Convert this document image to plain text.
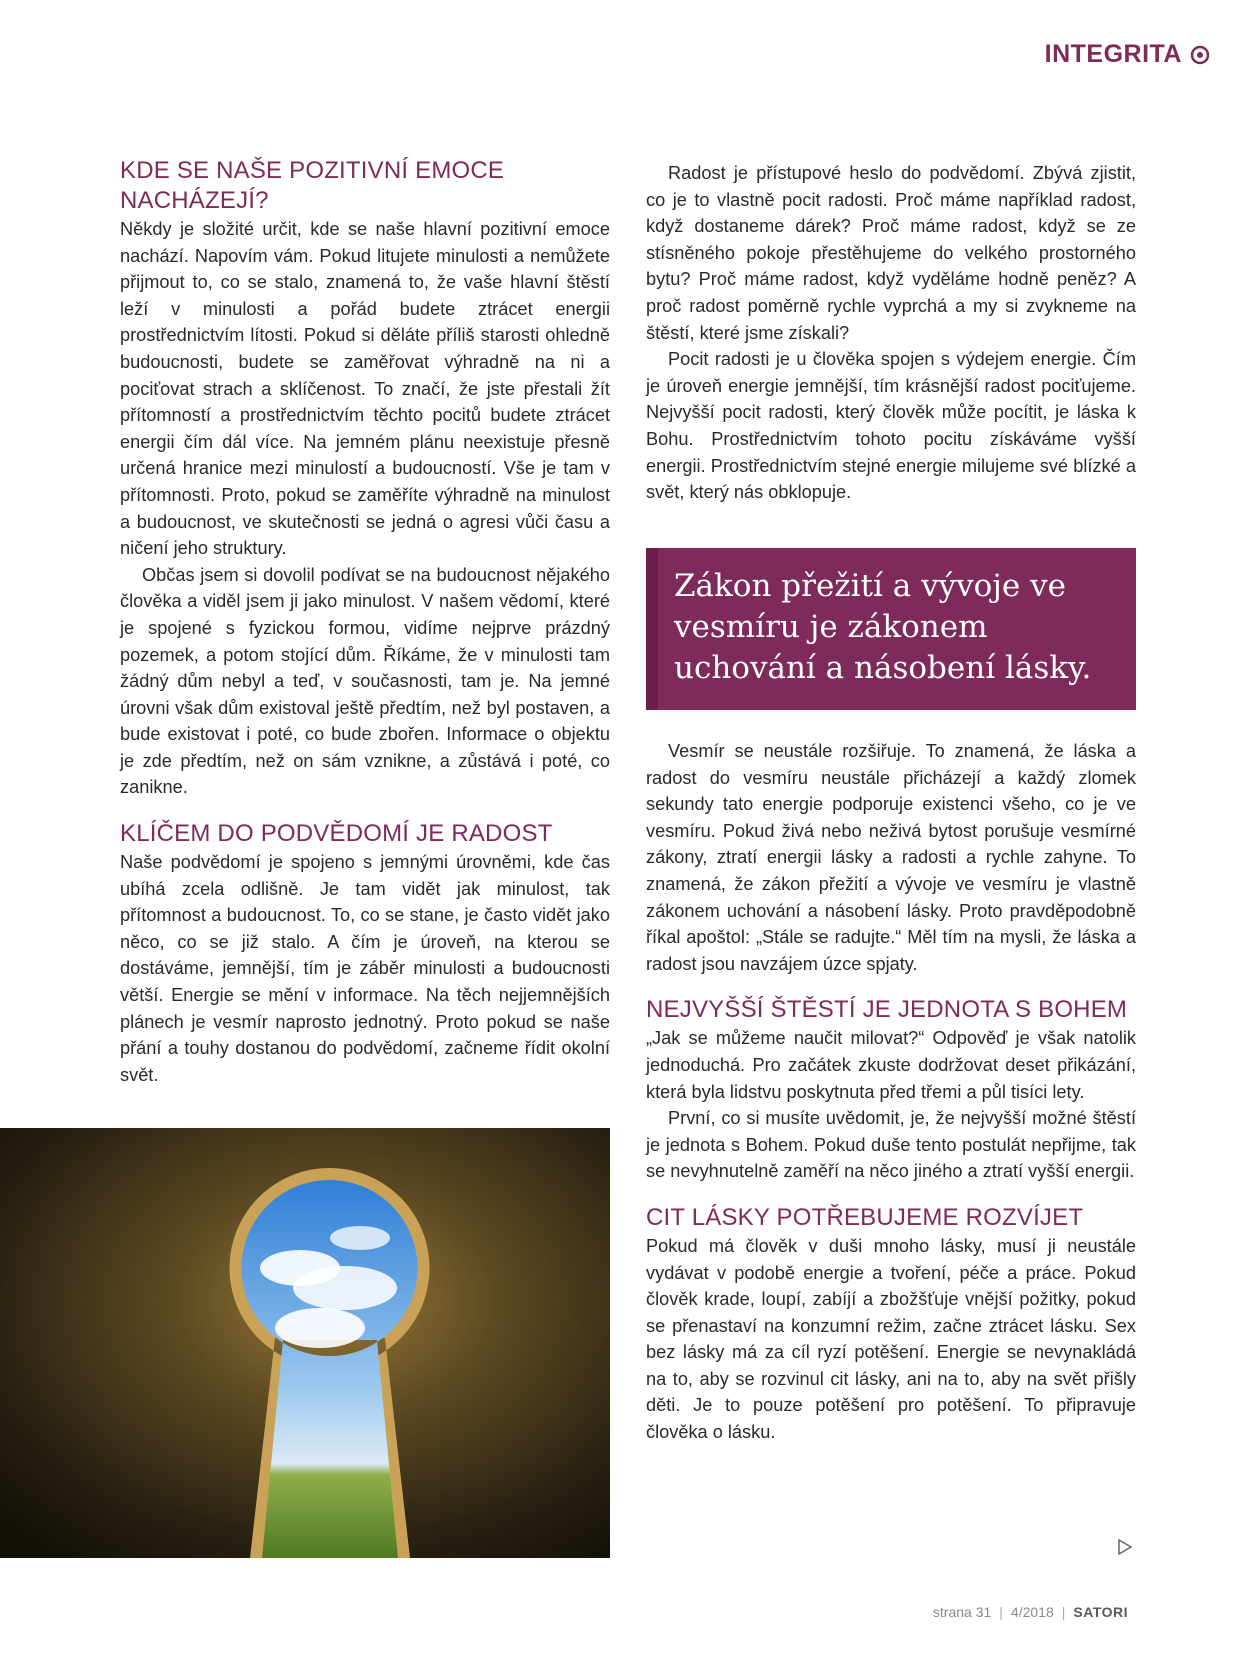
INTEGRITA
KDE SE NAŠE POZITIVNÍ EMOCE NACHÁZEJÍ?

Někdy je složité určit, kde se naše hlavní pozitivní emoce nachází. Napovím vám. Pokud litujete minulosti a nemůžete přijmout to, co se stalo, znamená to, že vaše hlavní štěstí leží v minulosti a pořád budete ztrácet energii prostřednictvím lítosti. Pokud si děláte příliš starosti ohledně budoucnosti, budete se zaměřovat výhradně na ni a pociťovat strach a sklíčenost. To značí, že jste přestali žít přítomností a prostřednictvím těchto pocitů budete ztrácet energii čím dál více. Na jemném plánu neexistuje přesně určená hranice mezi minulostí a budoucností. Vše je tam v přítomnosti. Proto, pokud se zaměříte výhradně na minulost a budoucnost, ve skutečnosti se jedná o agresi vůči času a ničení jeho struktury.

Občas jsem si dovolil podívat se na budoucnost nějakého člověka a viděl jsem ji jako minulost. V našem vědomí, které je spojené s fyzickou formou, vidíme nejprve prázdný pozemek, a potom stojící dům. Říkáme, že v minulosti tam žádný dům nebyl a teď, v současnosti, tam je. Na jemné úrovni však dům existoval ještě předtím, než byl postaven, a bude existovat i poté, co bude zbořen. Informace o objektu je zde předtím, než on sám vznikne, a zůstává i poté, co zanikne.

KLÍČEM DO PODVĚDOMÍ JE RADOST

Naše podvědomí je spojeno s jemnými úrovněmi, kde čas ubíhá zcela odlišně. Je tam vidět jak minulost, tak přítomnost a budoucnost. To, co se stane, je často vidět jako něco, co se již stalo. A čím je úroveň, na kterou se dostáváme, jemnější, tím je záběr minulosti a budoucnosti větší. Energie se mění v informace. Na těch nejjemnějších plánech je vesmír naprosto jednotný. Proto pokud se naše přání a touhy dostanou do podvědomí, začneme řídit okolní svět.

Radost je přístupové heslo do podvědomí. Zbývá zjistit, co je to vlastně pocit radosti. Proč máme například radost, když dostaneme dárek? Proč máme radost, když se ze stísněného pokoje přestěhujeme do velkého prostorného bytu? Proč máme radost, když vyděláme hodně peněz? A proč radost poměrně rychle vyprchá a my si zvykneme na štěstí, které jsme získali?

Pocit radosti je u člověka spojen s výdejem energie. Čím je úroveň energie jemnější, tím krásnější radost pociťujeme. Nejvyšší pocit radosti, který člověk může pocítit, je láska k Bohu. Prostřednictvím tohoto pocitu získáváme vyšší energii. Prostřednictvím stejné energie milujeme své blízké a svět, který nás obklopuje.

Zákon přežití a vývoje ve vesmíru je zákonem uchování a násobení lásky.

Vesmír se neustále rozšiřuje. To znamená, že láska a radost do vesmíru neustále přicházejí a každý zlomek sekundy tato energie podporuje existenci všeho, co je ve vesmíru. Pokud živá nebo neživá bytost porušuje vesmírné zákony, ztratí energii lásky a radosti a rychle zahyne. To znamená, že zákon přežití a vývoje ve vesmíru je vlastně zákonem uchování a násobení lásky. Proto pravděpodobně říkal apoštol: „Stále se radujte.“ Měl tím na mysli, že láska a radost jsou navzájem úzce spjaty.

NEJVYŠŠÍ ŠTĚSTÍ JE JEDNOTA S BOHEM

„Jak se můžeme naučit milovat?“ Odpověď je však natolik jednoduchá. Pro začátek zkuste dodržovat deset přikázání, která byla lidstvu poskytnuta před třemi a půl tisíci lety.

První, co si musíte uvědomit, je, že nejvyšší možné štěstí je jednota s Bohem. Pokud duše tento postulát nepřijme, tak se nevyhnutelně zaměří na něco jiného a ztratí vyšší energii.

CIT LÁSKY POTŘEBUJEME ROZVÍJET

Pokud má člověk v duši mnoho lásky, musí ji neustále vydávat v podobě energie a tvoření, péče a práce. Pokud člověk krade, loupí, zabíjí a zbožšťuje vnější požitky, pokud se přenastaví na konzumní režim, začne ztrácet lásku. Sex bez lásky má za cíl ryzí potěšení. Energie se nevynakládá na to, aby se rozvinul cit lásky, ani na to, aby na svět přišly děti. Je to pouze potěšení pro potěšení. To připravuje člověka o lásku.

strana 31 | 4/2018 | SATORI
